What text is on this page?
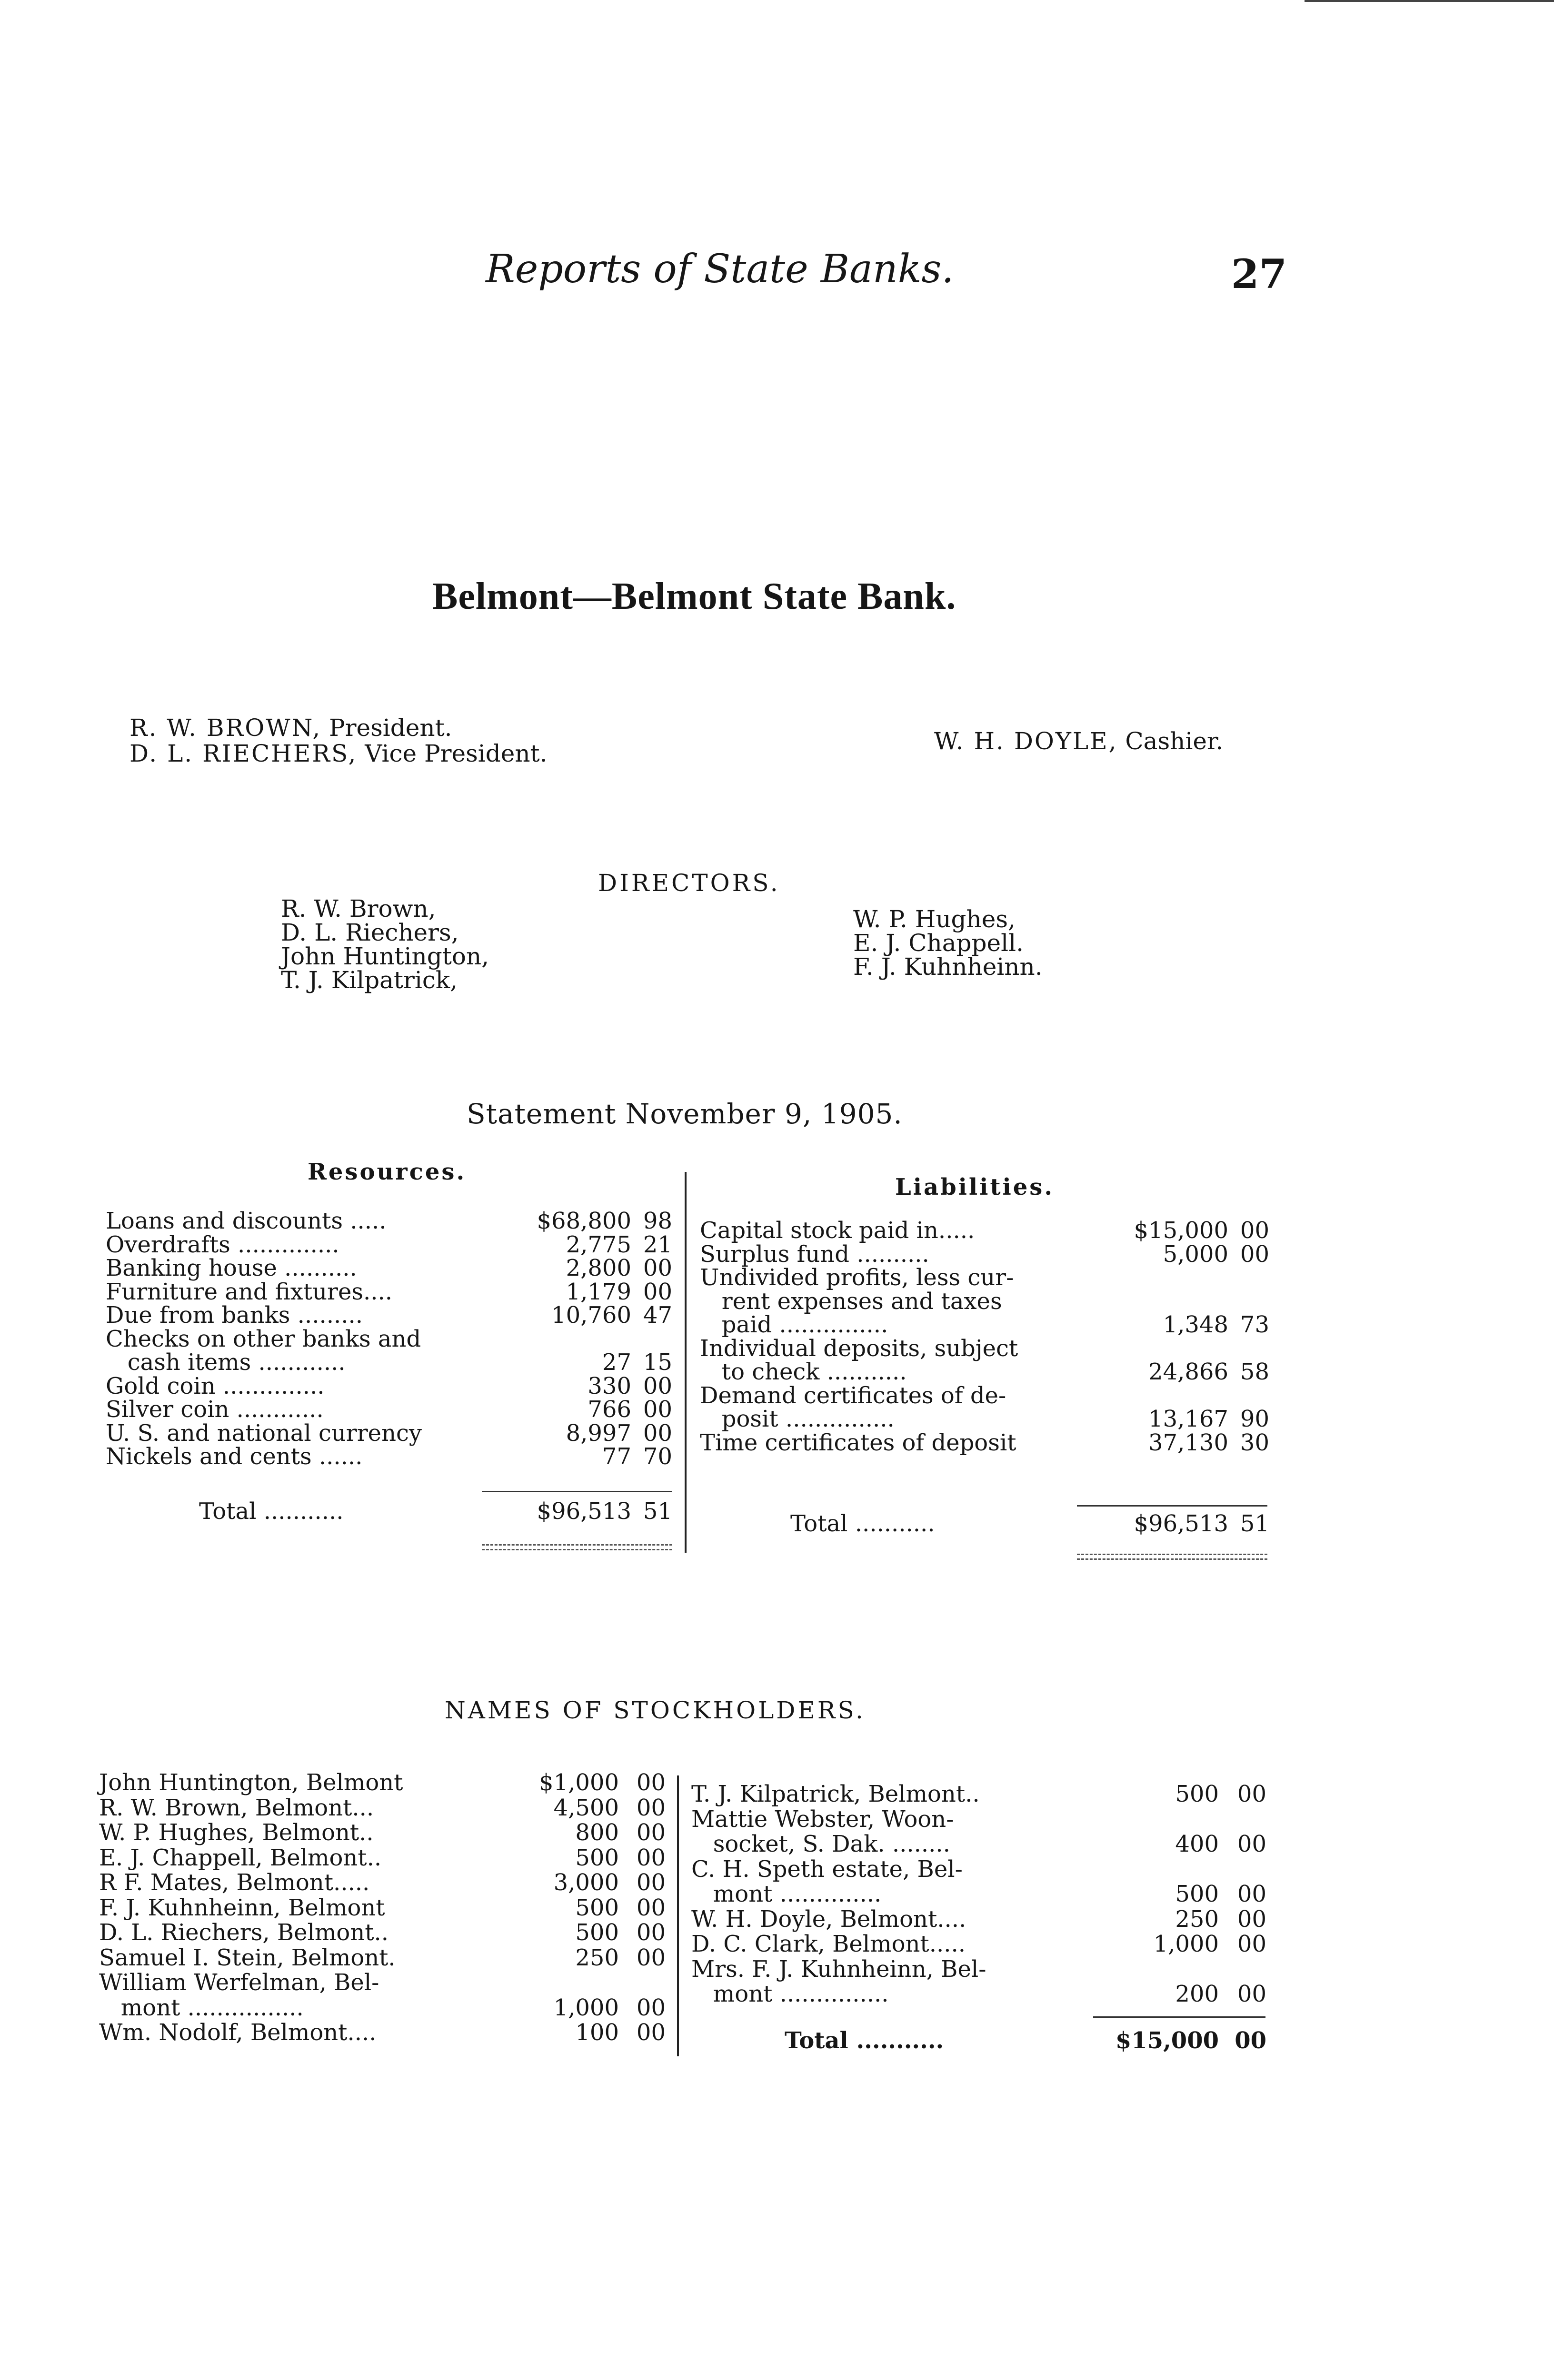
Reports of State Banks.	27
Belmont—Belmont State Bank.
R. W. BROWN, President.
D. L. RIECHERS, Vice President.	W. H. DOYLE, Cashier.
DIRECTORS.
R. W. Brown,
D. L. Riechers,
John Huntington,
T. J. Kilpatrick,
W. P. Hughes,
E. J. Chappell.
F. J. Kuhnheinn.
Statement November 9, 1905.
Resources.
Liabilities.
Loans and discounts .....	$68,800 98
Overdrafts ..............	2,775 21
Banking house ..........	2,800 00
Furniture and fixtures....	1,179 00
Due from banks .........	10,760 47
Checks on other banks and
cash items ............	27 15
Gold coin ..............	330 00
Silver coin ............	766 00
U. S. and national currency	8,997 00
Nickels and cents ......	77 70
Capital stock paid in.....	$15,000 00
Surplus fund ..........	5,000 00
Undivided profits, less cur-
rent expenses and taxes
paid ...............	1,348 73
Individual deposits, subject
to check ...........	24,866 58
Demand certificates of de-
posit ...............	13,167 90
Time certificates of deposit	37,130 30
Total ...........	$96,513 51	Total ...........	$96,513 51
NAMES OF STOCKHOLDERS.
John Huntington, Belmont	$1,000 00
R. W. Brown, Belmont...	4,500 00
W. P. Hughes, Belmont..	800 00
E. J. Chappell, Belmont..	500 00
R F. Mates, Belmont.....	3,000 00
F. J. Kuhnheinn, Belmont	500 00
D. L. Riechers, Belmont..	500 00
Samuel I. Stein, Belmont.	250 00
William Werfelman, Bel-
mont ................	1,000 00
Wm. Nodolf, Belmont....	100 00
T. J. Kilpatrick, Belmont..	500 00
Mattie Webster, Woon-
socket, S. Dak. ........	400 00
C. H. Speth estate, Bel-
mont ..............	500 00
W. H. Doyle, Belmont....	250 00
D. C. Clark, Belmont.....	1,000 00
Mrs. F. J. Kuhnheinn, Bel-
mont ...............	200 00
Total ...........	$15,000 00
